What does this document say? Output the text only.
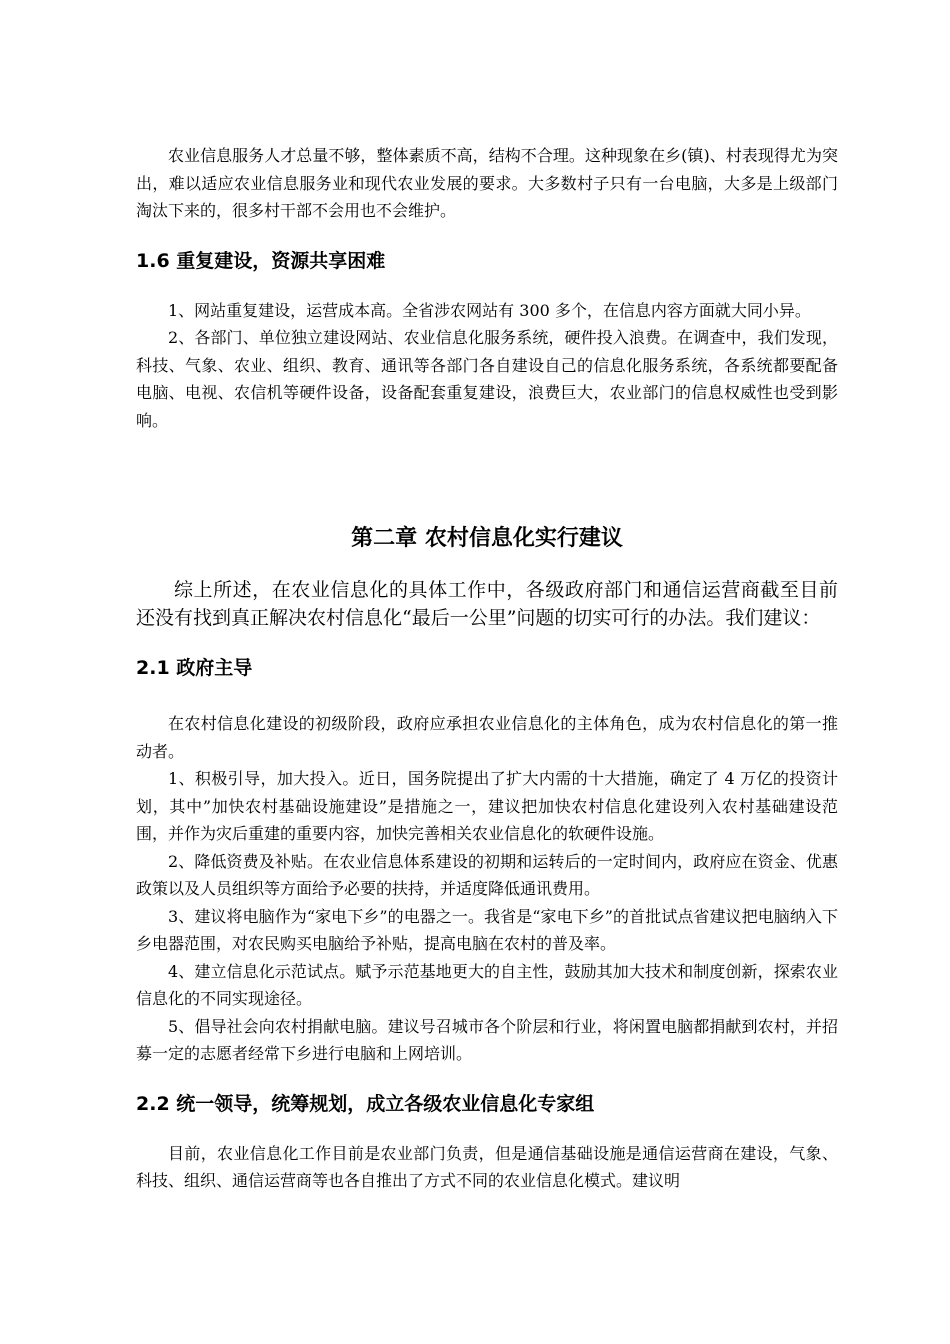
农业信息服务人才总量不够，整体素质不高，结构不合理。这种现象在乡(镇)、村表现得尤为突出，难以适应农业信息服务业和现代农业发展的要求。大多数村子只有一台电脑，大多是上级部门淘汰下来的，很多村干部不会用也不会维护。

1.6 重复建设，资源共享困难

1、网站重复建设，运营成本高。全省涉农网站有 300 多个，在信息内容方面就大同小异。

2、各部门、单位独立建设网站、农业信息化服务系统，硬件投入浪费。在调查中，我们发现，科技、气象、农业、组织、教育、通讯等各部门各自建设自己的信息化服务系统，各系统都要配备电脑、电视、农信机等硬件设备，设备配套重复建设，浪费巨大，农业部门的信息权威性也受到影响。

第二章 农村信息化实行建议

综上所述，在农业信息化的具体工作中，各级政府部门和通信运营商截至目前还没有找到真正解决农村信息化“最后一公里”问题的切实可行的办法。我们建议：

2.1 政府主导

在农村信息化建设的初级阶段，政府应承担农业信息化的主体角色，成为农村信息化的第一推动者。

1、积极引导，加大投入。近日，国务院提出了扩大内需的十大措施，确定了 4 万亿的投资计划，其中”加快农村基础设施建设”是措施之一，建议把加快农村信息化建设列入农村基础建设范围，并作为灾后重建的重要内容，加快完善相关农业信息化的软硬件设施。

2、降低资费及补贴。在农业信息体系建设的初期和运转后的一定时间内，政府应在资金、优惠政策以及人员组织等方面给予必要的扶持，并适度降低通讯费用。

3、建议将电脑作为“家电下乡”的电器之一。我省是“家电下乡”的首批试点省建议把电脑纳入下乡电器范围，对农民购买电脑给予补贴，提高电脑在农村的普及率。

4、建立信息化示范试点。赋予示范基地更大的自主性，鼓励其加大技术和制度创新，探索农业信息化的不同实现途径。

5、倡导社会向农村捐献电脑。建议号召城市各个阶层和行业，将闲置电脑都捐献到农村，并招募一定的志愿者经常下乡进行电脑和上网培训。

2.2 统一领导，统筹规划，成立各级农业信息化专家组

目前，农业信息化工作目前是农业部门负责，但是通信基础设施是通信运营商在建设，气象、科技、组织、通信运营商等也各自推出了方式不同的农业信息化模式。建议明
